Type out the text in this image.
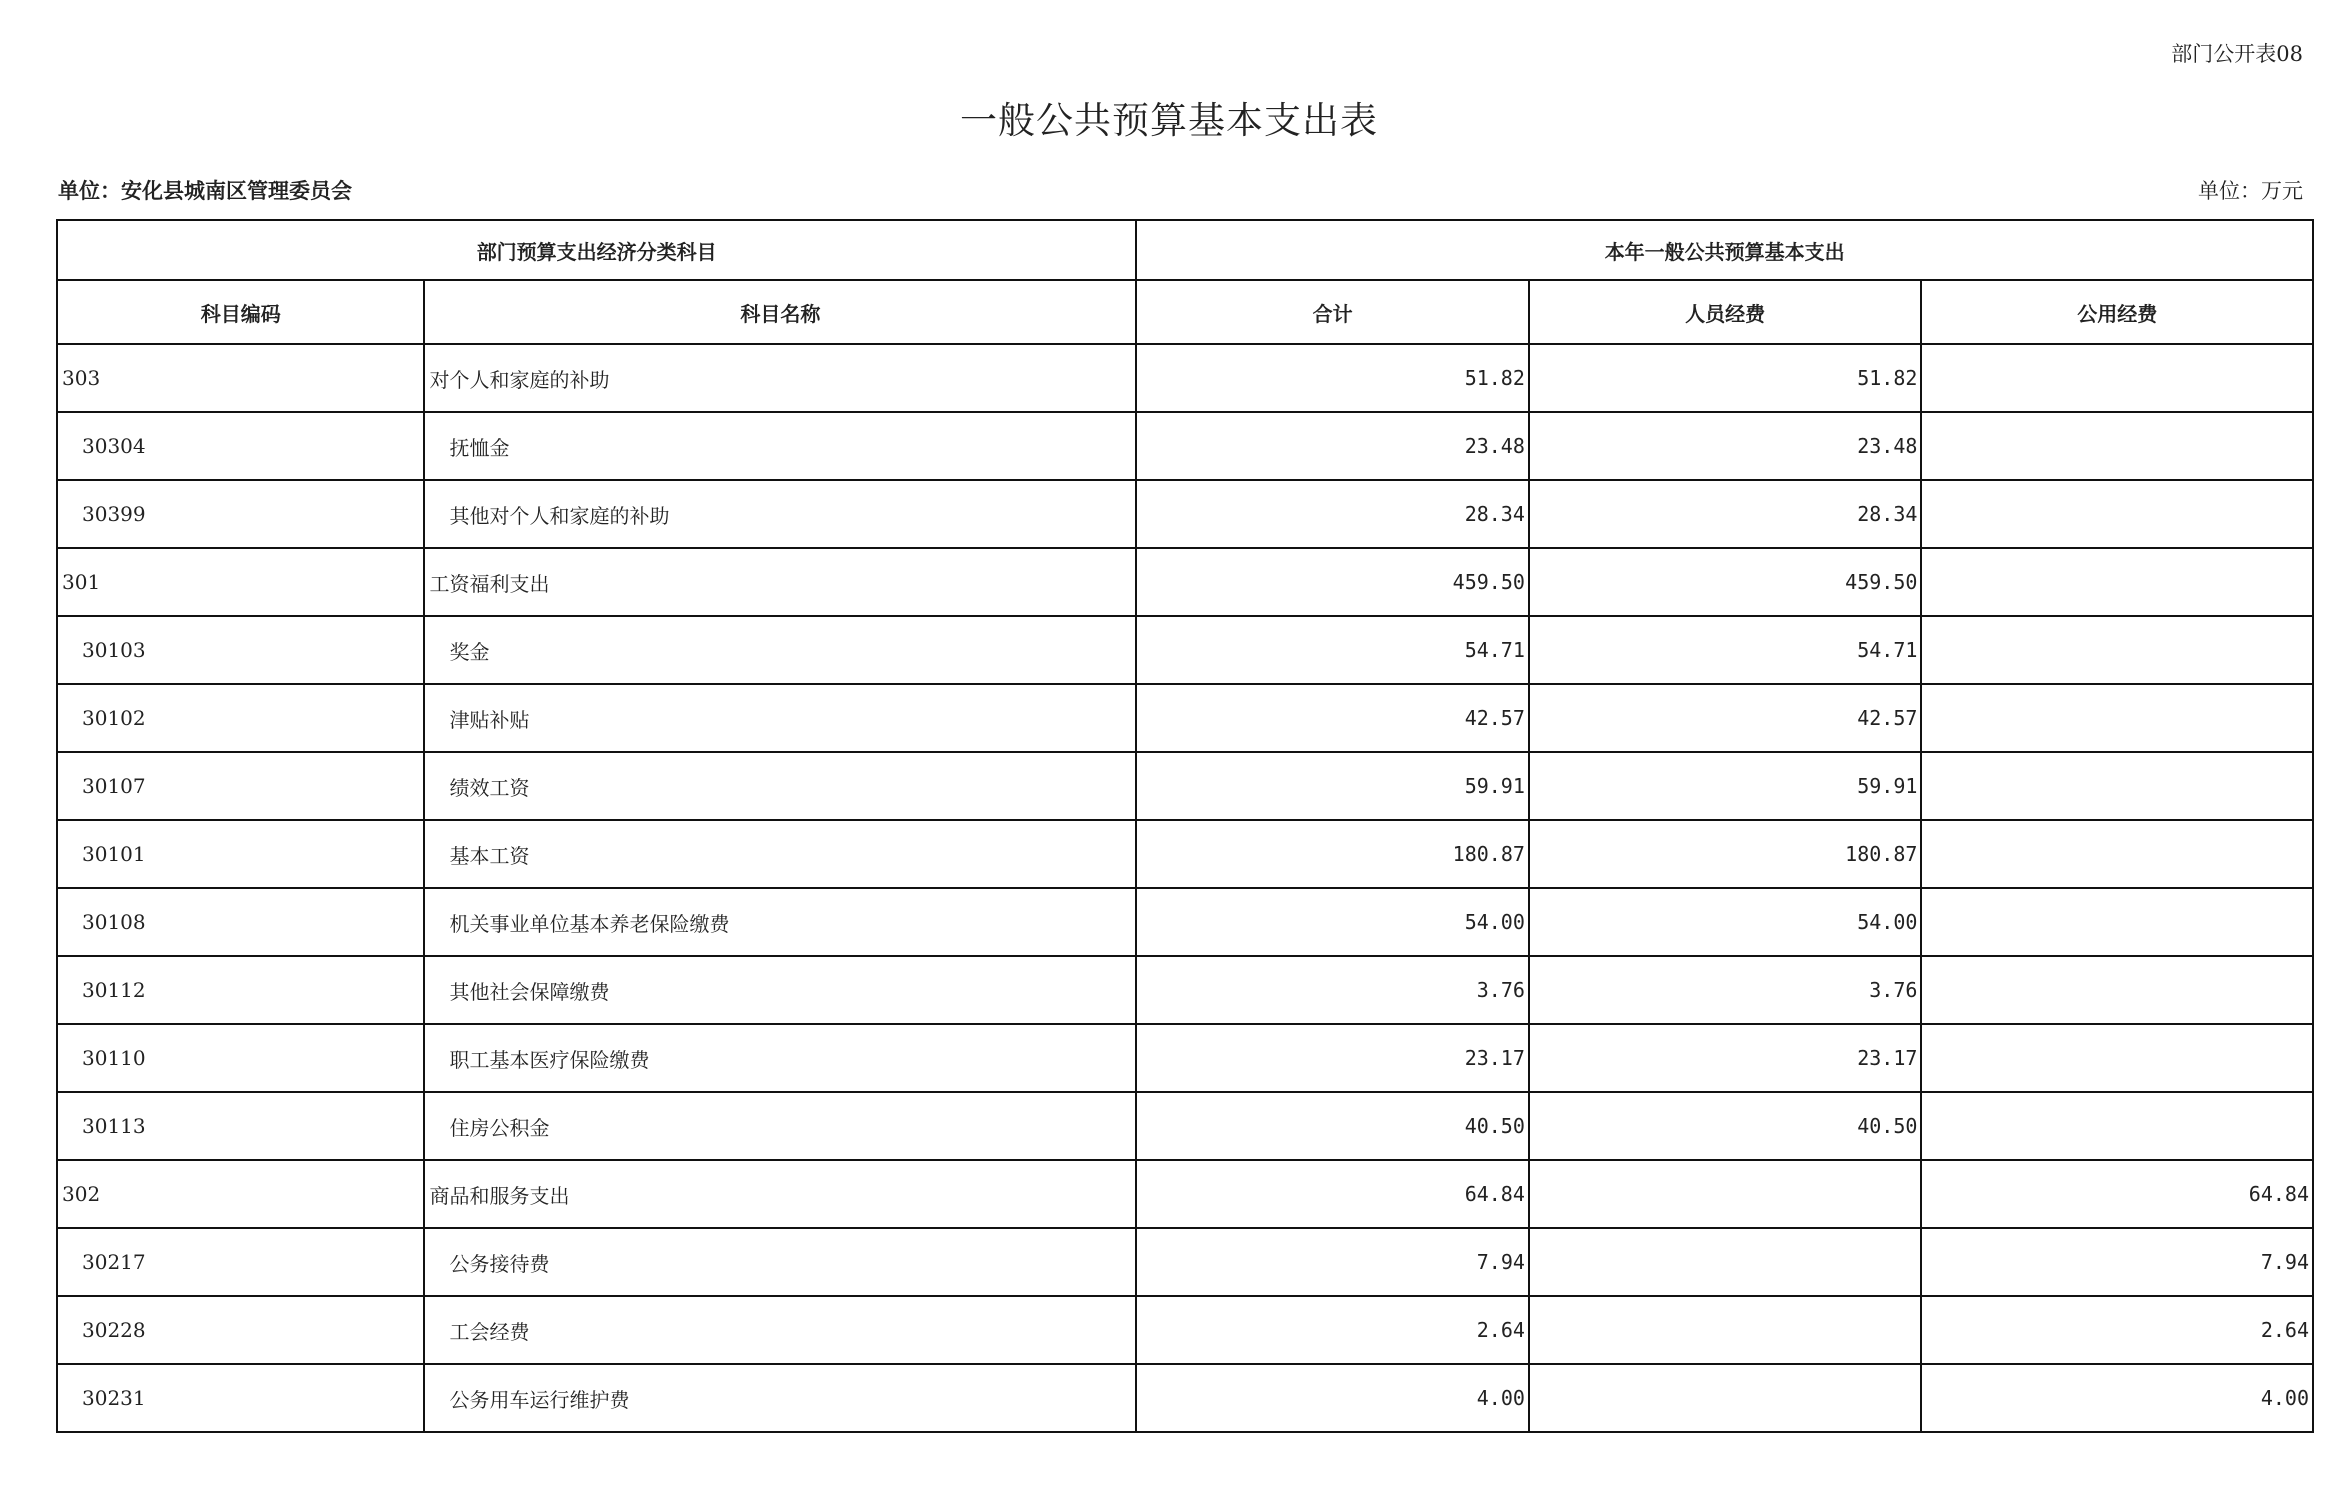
部门公开表08
一般公共预算基本支出表
单位：安化县城南区管理委员会	单位：万元
部门预算支出经济分类科目		本年一般公共预算基本支出		
科目编码	科目名称	合计	人员经费	公用经费
303	对个人和家庭的补助	51.82	51.82	
30304	抚恤金	23.48	23.48	
30399	其他对个人和家庭的补助	28.34	28.34	
301	工资福利支出	459.50	459.50	
30103	奖金	54.71	54.71	
30102	津贴补贴	42.57	42.57	
30107	绩效工资	59.91	59.91	
30101	基本工资	180.87	180.87	
30108	机关事业单位基本养老保险缴费	54.00	54.00	
30112	其他社会保障缴费	3.76	3.76	
30110	职工基本医疗保险缴费	23.17	23.17	
30113	住房公积金	40.50	40.50	
302	商品和服务支出	64.84		64.84
30217	公务接待费	7.94		7.94
30228	工会经费	2.64		2.64
30231	公务用车运行维护费	4.00		4.00
